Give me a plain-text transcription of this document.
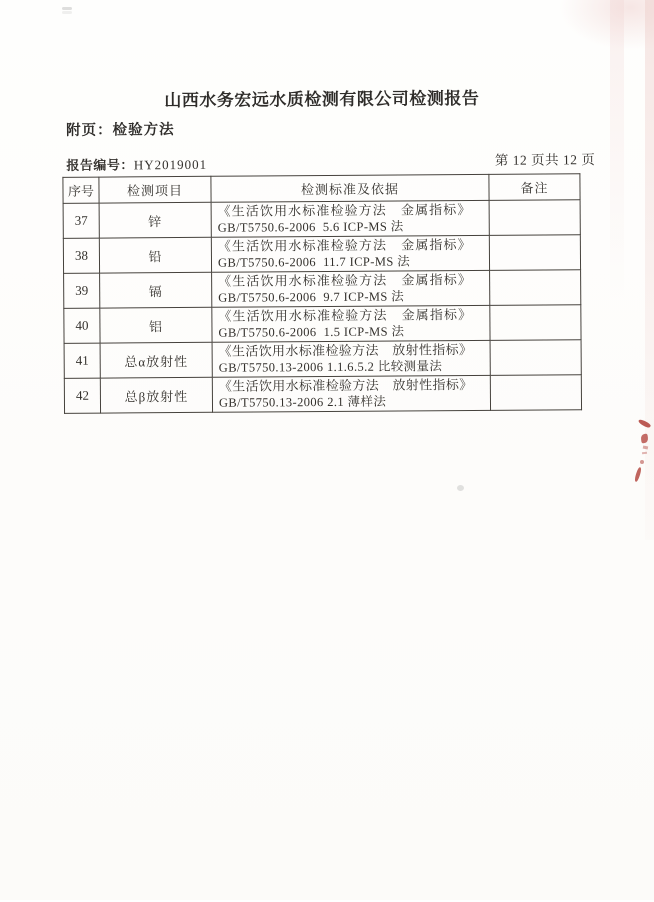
山西水务宏远水质检测有限公司检测报告
附页：检验方法
报告编号：HY2019001	第 12 页共 12 页
序号	检测项目	检测标准及依据	备注
37	锌	《生活饮用水标准检验方法　金属指标》
GB/T5750.6-2006  5.6 ICP-MS 法	

38	铅	《生活饮用水标准检验方法　金属指标》
GB/T5750.6-2006  11.7 ICP-MS 法	

39	镉	《生活饮用水标准检验方法　金属指标》
GB/T5750.6-2006  9.7 ICP-MS 法	

40	铝	《生活饮用水标准检验方法　金属指标》
GB/T5750.6-2006  1.5 ICP-MS 法	

41	总α放射性	《生活饮用水标准检验方法　放射性指标》
GB/T5750.13-2006 1.1.6.5.2 比较测量法	

42	总β放射性	《生活饮用水标准检验方法　放射性指标》
GB/T5750.13-2006 2.1 薄样法	
